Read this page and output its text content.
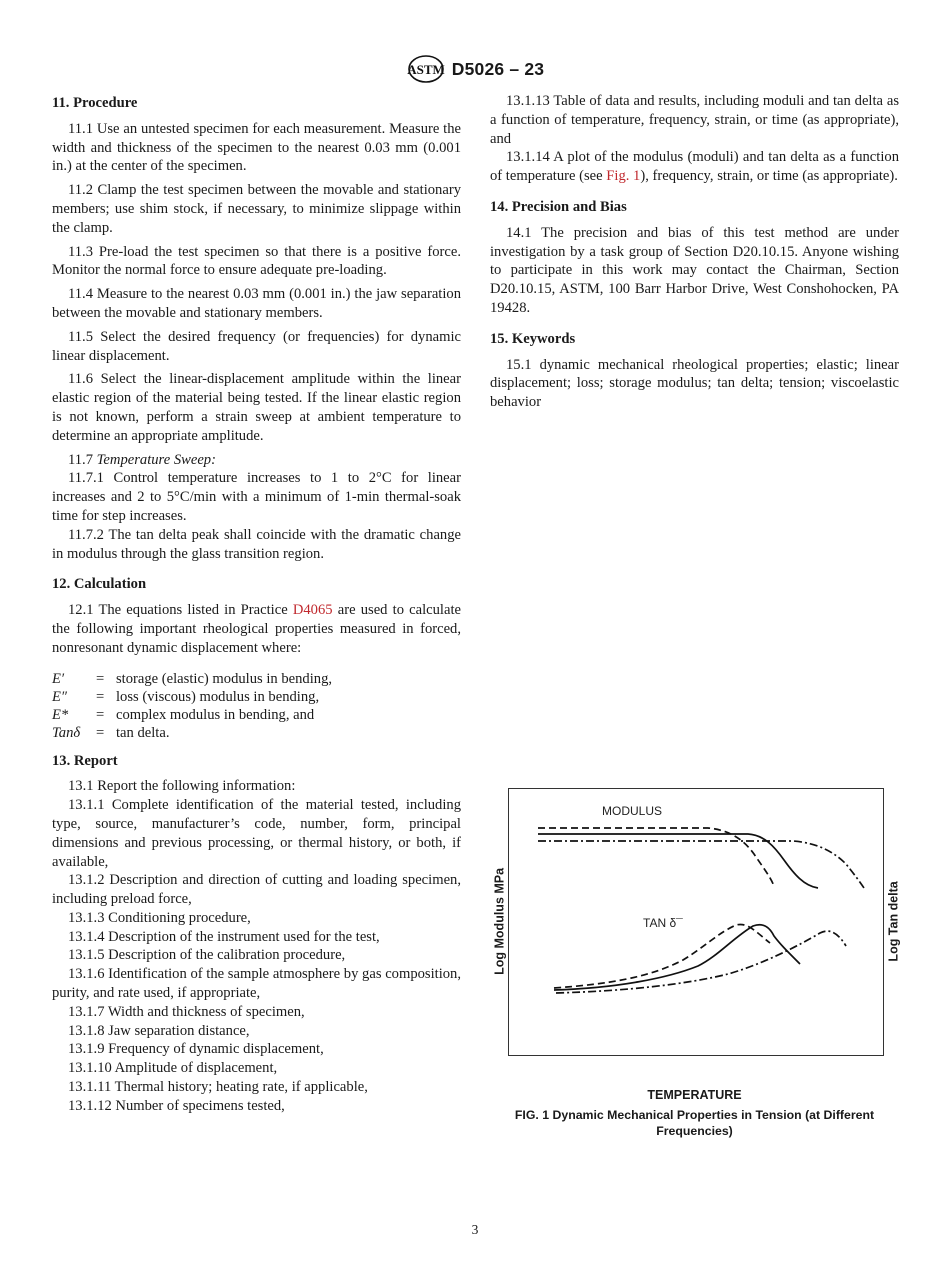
ASTM D5026 – 23
11. Procedure

11.1 Use an untested specimen for each measurement. Measure the width and thickness of the specimen to the nearest 0.03 mm (0.001 in.) at the center of the specimen.

11.2 Clamp the test specimen between the movable and stationary members; use shim stock, if necessary, to minimize slippage within the clamp.

11.3 Pre-load the test specimen so that there is a positive force. Monitor the normal force to ensure adequate pre-loading.

11.4 Measure to the nearest 0.03 mm (0.001 in.) the jaw separation between the movable and stationary members.

11.5 Select the desired frequency (or frequencies) for dynamic linear displacement.

11.6 Select the linear-displacement amplitude within the linear elastic region of the material being tested. If the linear elastic region is not known, perform a strain sweep at ambient temperature to determine an appropriate amplitude.

11.7 Temperature Sweep:

11.7.1 Control temperature increases to 1 to 2°C for linear increases and 2 to 5°C/min with a minimum of 1-min thermal-soak time for step increases.

11.7.2 The tan delta peak shall coincide with the dramatic change in modulus through the glass transition region.

12. Calculation

12.1 The equations listed in Practice D4065 are used to calculate the following important rheological properties measured in forced, nonresonant dynamic displacement where:

E′	= storage (elastic) modulus in bending,
E″	= loss (viscous) modulus in bending,
E*	= complex modulus in bending, and
Tanδ	= tan delta.
13. Report

13.1 Report the following information:

13.1.1 Complete identification of the material tested, including type, source, manufacturer’s code, number, form, principal dimensions and previous processing, or thermal history, or both, if available,

13.1.2 Description and direction of cutting and loading specimen, including preload force,

13.1.3 Conditioning procedure,

13.1.4 Description of the instrument used for the test,

13.1.5 Description of the calibration procedure,

13.1.6 Identification of the sample atmosphere by gas composition, purity, and rate used, if appropriate,

13.1.7 Width and thickness of specimen,

13.1.8 Jaw separation distance,

13.1.9 Frequency of dynamic displacement,

13.1.10 Amplitude of displacement,

13.1.11 Thermal history; heating rate, if applicable,

13.1.12 Number of specimens tested,

13.1.13 Table of data and results, including moduli and tan delta as a function of temperature, frequency, strain, or time (as appropriate), and

13.1.14 A plot of the modulus (moduli) and tan delta as a function of temperature (see Fig. 1), frequency, strain, or time (as appropriate).

14. Precision and Bias

14.1 The precision and bias of this test method are under investigation by a task group of Section D20.10.15. Anyone wishing to participate in this work may contact the Chairman, Section D20.10.15, ASTM, 100 Barr Harbor Drive, West Conshohocken, PA 19428.

15. Keywords

15.1 dynamic mechanical rheological properties; elastic; linear displacement; loss; storage modulus; tan delta; tension; viscoelastic behavior

Log Modulus MPa	Log Tan delta
MODULUS
TAN δ¯
TEMPERATURE
FIG. 1 Dynamic Mechanical Properties in Tension (at Different Frequencies)
3
